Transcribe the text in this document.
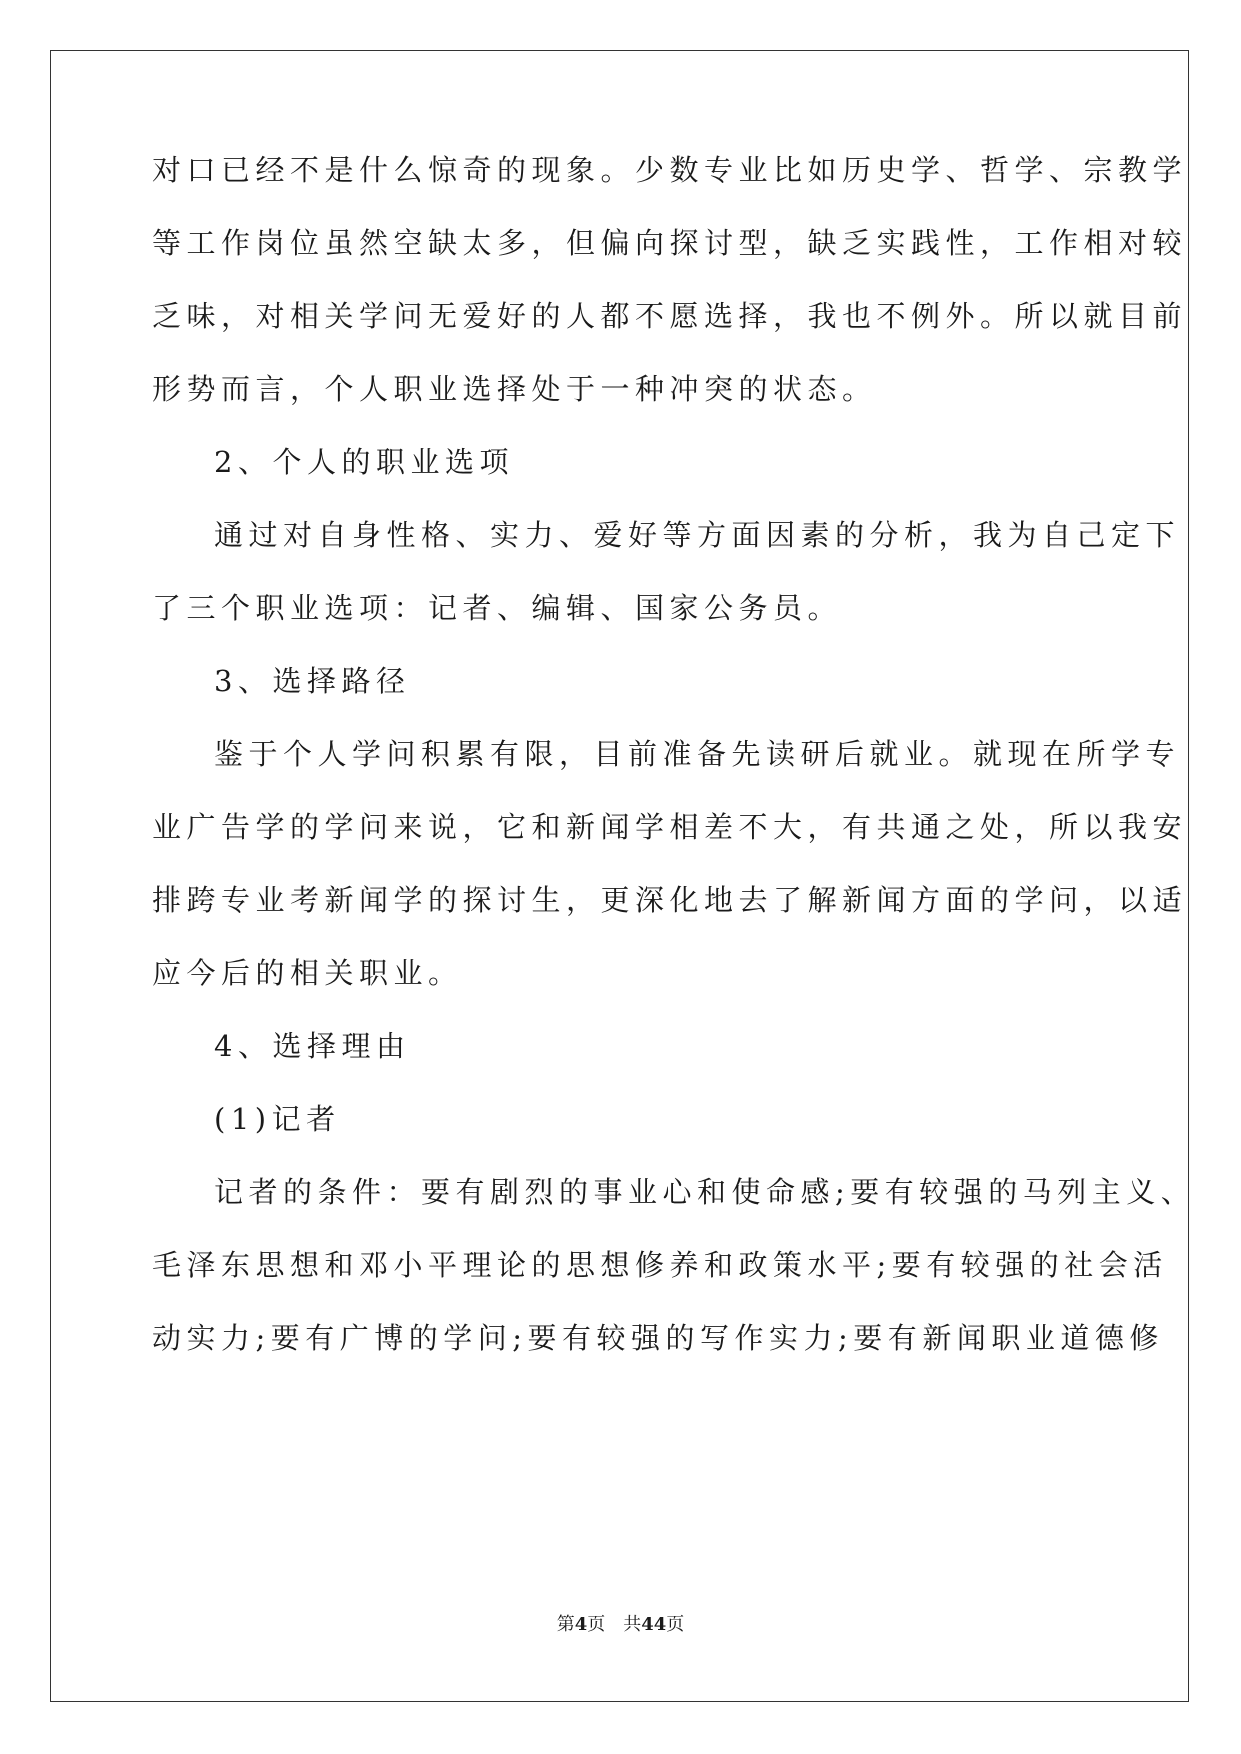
对口已经不是什么惊奇的现象。少数专业比如历史学、哲学、宗教学
等工作岗位虽然空缺太多，但偏向探讨型，缺乏实践性，工作相对较
乏味，对相关学问无爱好的人都不愿选择，我也不例外。所以就目前
形势而言，个人职业选择处于一种冲突的状态。
2、个人的职业选项
通过对自身性格、实力、爱好等方面因素的分析，我为自己定下
了三个职业选项：记者、编辑、国家公务员。
3、选择路径
鉴于个人学问积累有限，目前准备先读研后就业。就现在所学专
业广告学的学问来说，它和新闻学相差不大，有共通之处，所以我安
排跨专业考新闻学的探讨生，更深化地去了解新闻方面的学问，以适
应今后的相关职业。
4、选择理由
(1)记者
记者的条件：要有剧烈的事业心和使命感;要有较强的马列主义、
毛泽东思想和邓小平理论的思想修养和政策水平;要有较强的社会活
动实力;要有广博的学问;要有较强的写作实力;要有新闻职业道德修
第4页　共44页
